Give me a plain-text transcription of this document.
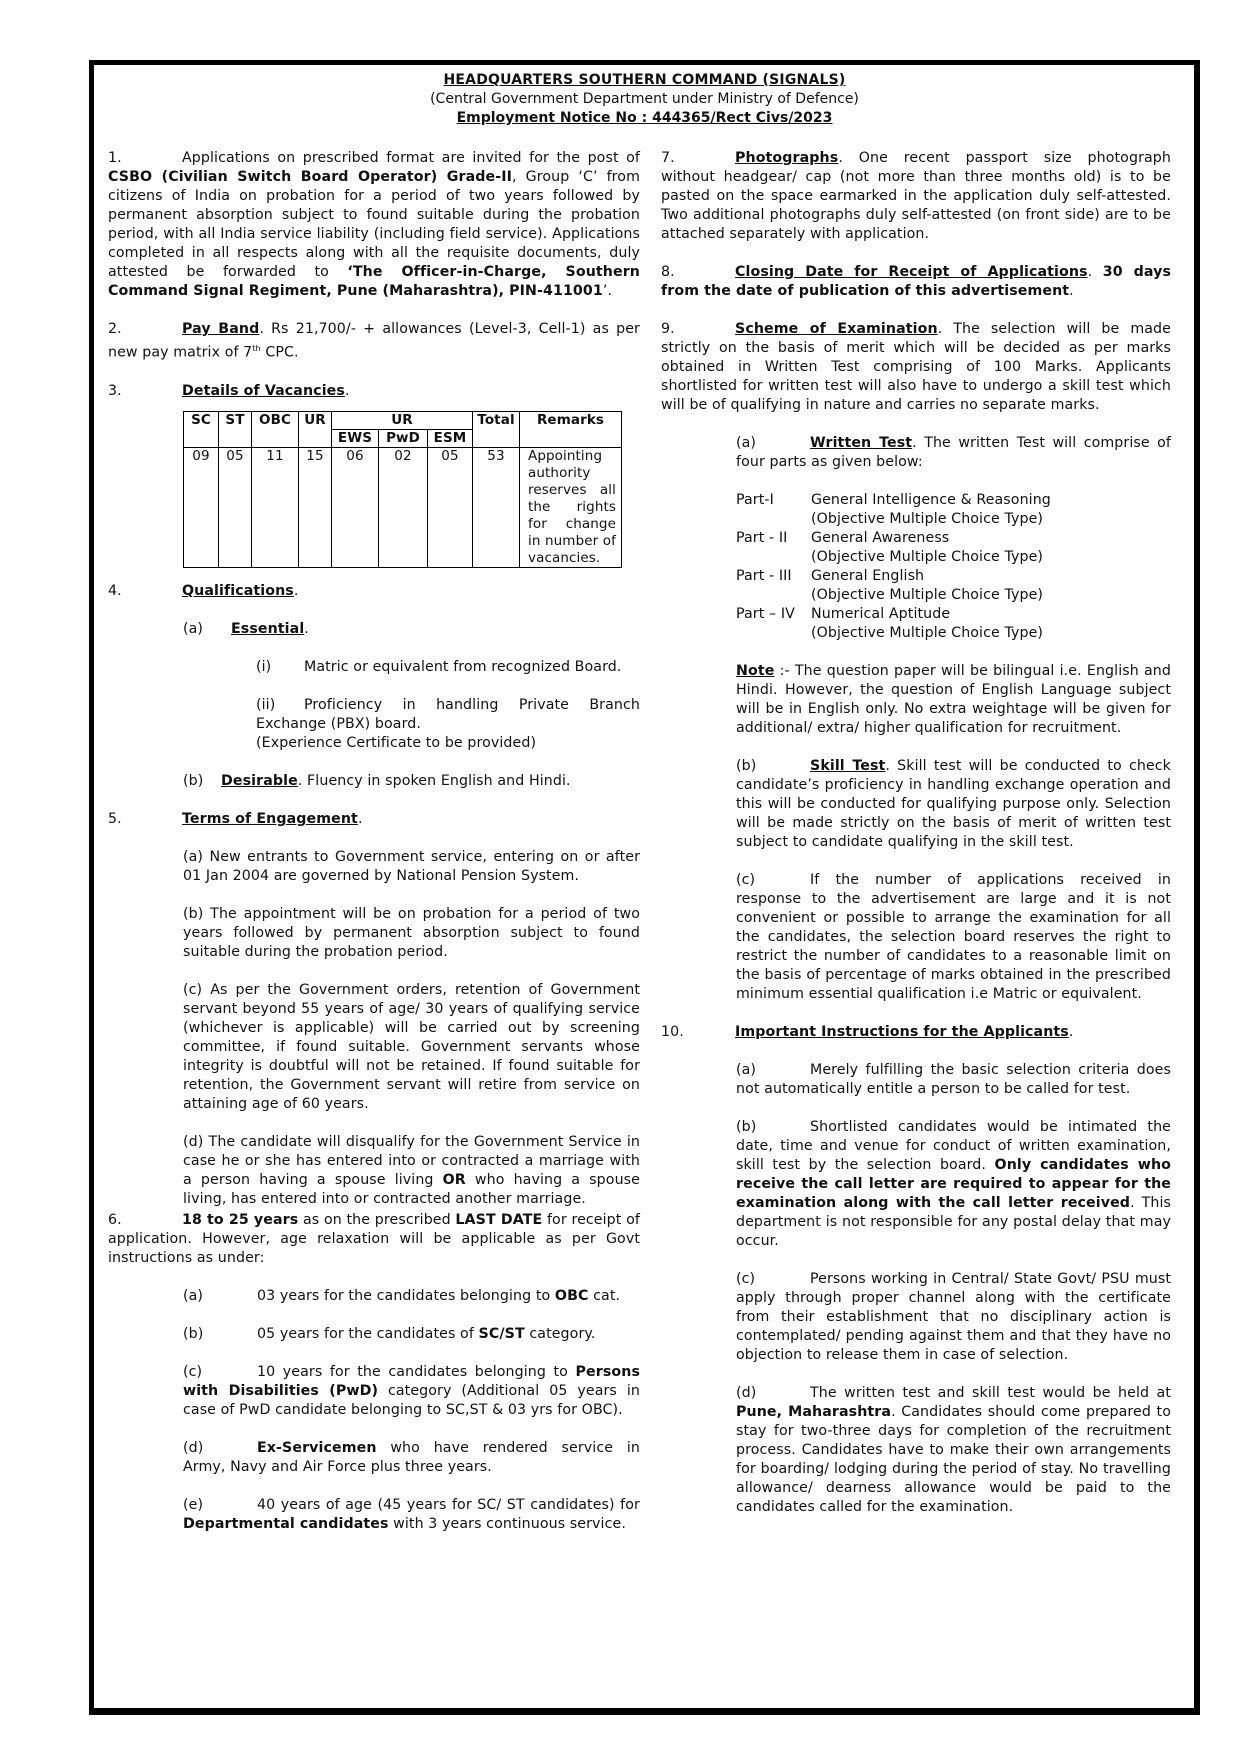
HEADQUARTERS SOUTHERN COMMAND (SIGNALS)
(Central Government Department under Ministry of Defence)
Employment Notice No : 444365/Rect Civs/2023

1.	Applications on prescribed format are invited for the post of CSBO (Civilian Switch Board Operator) Grade-II, Group ‘C’ from citizens of India on probation for a period of two years followed by permanent absorption subject to found suitable during the probation period, with all India service liability (including field service). Applications completed in all respects along with all the requisite documents, duly attested be forwarded to ‘The Officer-in-Charge, Southern Command Signal Regiment, Pune (Maharashtra), PIN-411001’.

2.	Pay Band. Rs 21,700/- + allowances (Level-3, Cell-1) as per new pay matrix of 7th CPC.

3.	Details of Vacancies.

SC	ST	OBC	UR	UR			Total	Remarks
				EWS	PwD	ESM		
09	05	11	15	06	02	05	53	Appointing authority reserves all the rights for change in number of vacancies.

4.	Qualifications.

(a) Essential.

(i) Matric or equivalent from recognized Board.

(ii) Proficiency in handling Private Branch Exchange (PBX) board.
(Experience Certificate to be provided)

(b) Desirable. Fluency in spoken English and Hindi.

5.	Terms of Engagement.

(a) New entrants to Government service, entering on or after 01 Jan 2004 are governed by National Pension System.

(b) The appointment will be on probation for a period of two years followed by permanent absorption subject to found suitable during the probation period.

(c) As per the Government orders, retention of Government servant beyond 55 years of age/ 30 years of qualifying service (whichever is applicable) will be carried out by screening committee, if found suitable. Government servants whose integrity is doubtful will not be retained. If found suitable for retention, the Government servant will retire from service on attaining age of 60 years.

(d) The candidate will disqualify for the Government Service in case he or she has entered into or contracted a marriage with a person having a spouse living OR who having a spouse living, has entered into or contracted another marriage.

6.	18 to 25 years as on the prescribed LAST DATE for receipt of application. However, age relaxation will be applicable as per Govt instructions as under:

(a)	03 years for the candidates belonging to OBC cat.

(b)	05 years for the candidates of SC/ST category.

(c)	10 years for the candidates belonging to Persons with Disabilities (PwD) category (Additional 05 years in case of PwD candidate belonging to SC,ST & 03 yrs for OBC).

(d)	Ex-Servicemen who have rendered service in Army, Navy and Air Force plus three years.

(e)	40 years of age (45 years for SC/ ST candidates) for Departmental candidates with 3 years continuous service.

7.	Photographs. One recent passport size photograph without headgear/ cap (not more than three months old) is to be pasted on the space earmarked in the application duly self-attested. Two additional photographs duly self-attested (on front side) are to be attached separately with application.

8.	Closing Date for Receipt of Applications. 30 days from the date of publication of this advertisement.

9.	Scheme of Examination. The selection will be made strictly on the basis of merit which will be decided as per marks obtained in Written Test comprising of 100 Marks. Applicants shortlisted for written test will also have to undergo a skill test which will be of qualifying in nature and carries no separate marks.

(a)	Written Test. The written Test will comprise of four parts as given below:

Part-I	General Intelligence & Reasoning
(Objective Multiple Choice Type)
Part - II	General Awareness
(Objective Multiple Choice Type)
Part - III	General English
(Objective Multiple Choice Type)
Part – IV	Numerical Aptitude
(Objective Multiple Choice Type)

Note :- The question paper will be bilingual i.e. English and Hindi. However, the question of English Language subject will be in English only. No extra weightage will be given for additional/ extra/ higher qualification for recruitment.

(b)	Skill Test. Skill test will be conducted to check candidate’s proficiency in handling exchange operation and this will be conducted for qualifying purpose only. Selection will be made strictly on the basis of merit of written test subject to candidate qualifying in the skill test.

(c)	If the number of applications received in response to the advertisement are large and it is not convenient or possible to arrange the examination for all the candidates, the selection board reserves the right to restrict the number of candidates to a reasonable limit on the basis of percentage of marks obtained in the prescribed minimum essential qualification i.e Matric or equivalent.

10.	Important Instructions for the Applicants.

(a)	Merely fulfilling the basic selection criteria does not automatically entitle a person to be called for test.

(b)	Shortlisted candidates would be intimated the date, time and venue for conduct of written examination, skill test by the selection board. Only candidates who receive the call letter are required to appear for the examination along with the call letter received. This department is not responsible for any postal delay that may occur.

(c)	Persons working in Central/ State Govt/ PSU must apply through proper channel along with the certificate from their establishment that no disciplinary action is contemplated/ pending against them and that they have no objection to release them in case of selection.

(d)	The written test and skill test would be held at Pune, Maharashtra. Candidates should come prepared to stay for two-three days for completion of the recruitment process. Candidates have to make their own arrangements for boarding/ lodging during the period of stay. No travelling allowance/ dearness allowance would be paid to the candidates called for the examination.
